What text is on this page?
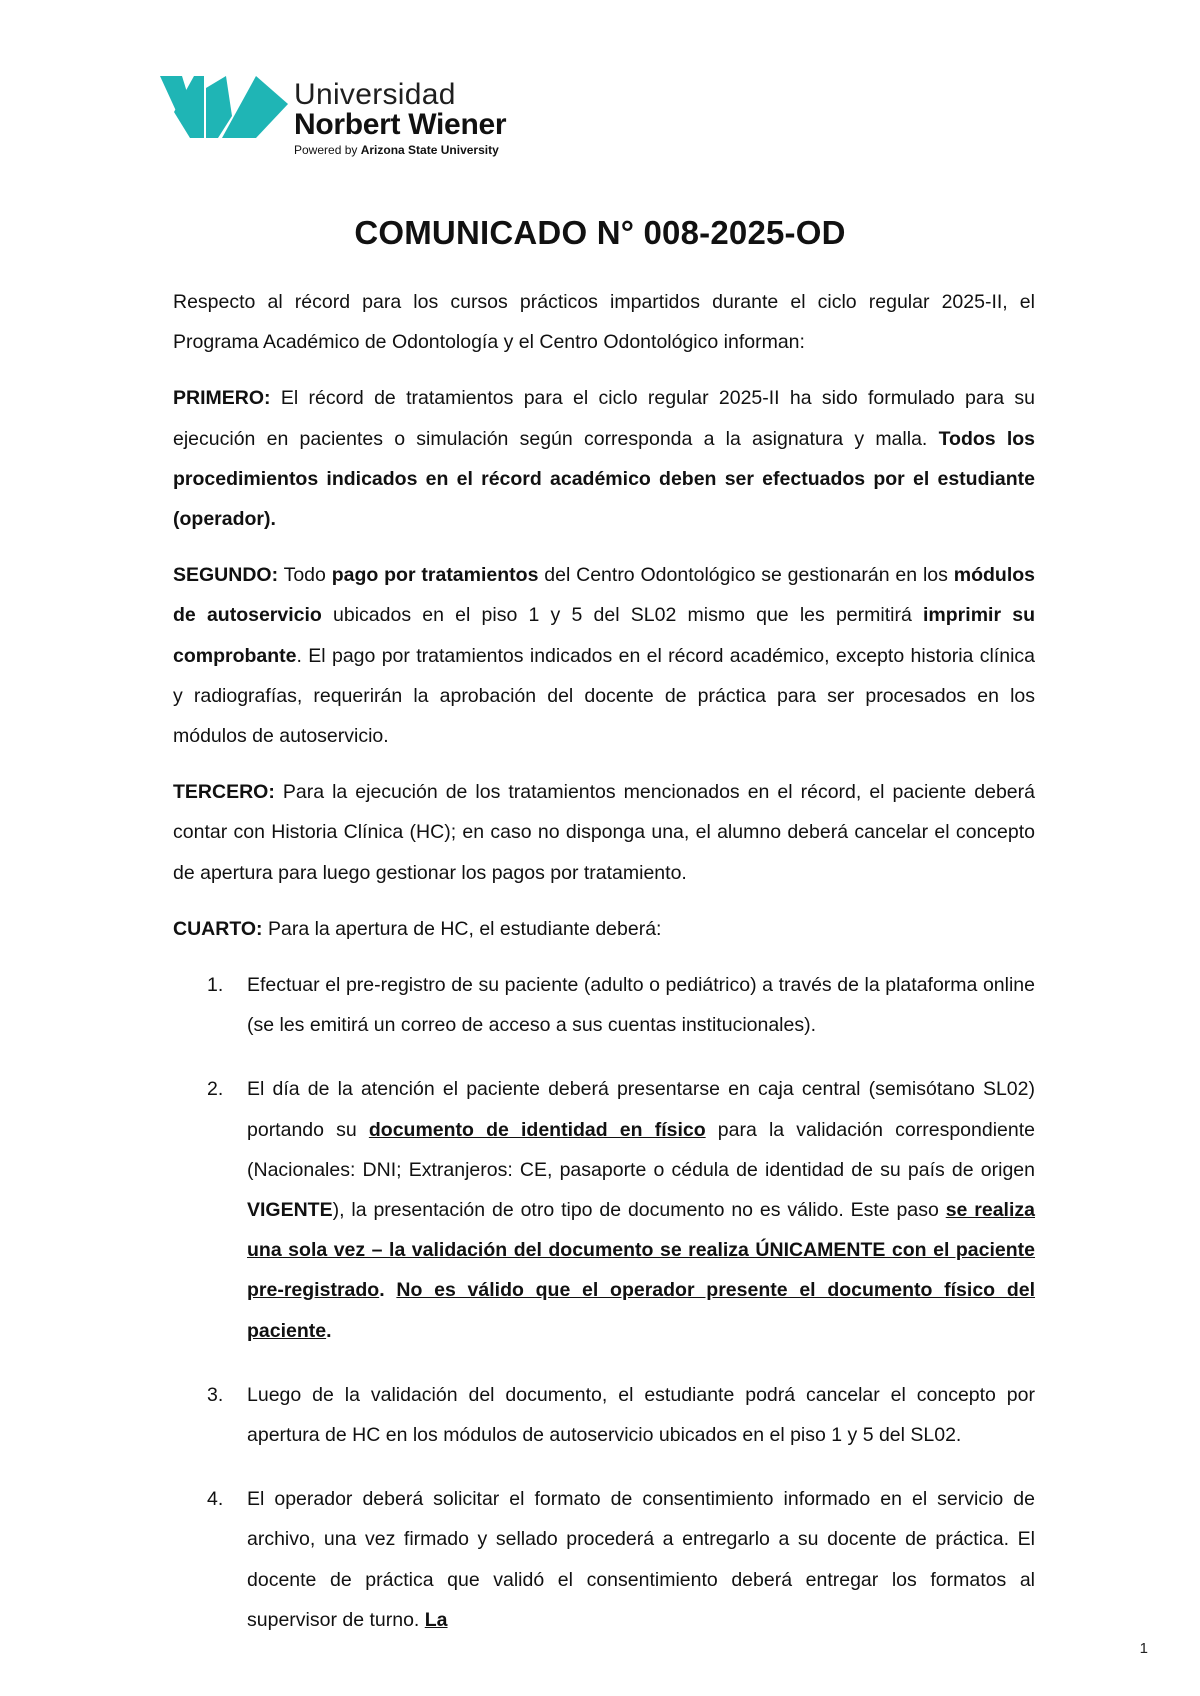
Universidad
Norbert Wiener
Powered by Arizona State University
COMUNICADO N° 008-2025-OD

Respecto al récord para los cursos prácticos impartidos durante el ciclo regular 2025-II, el Programa Académico de Odontología y el Centro Odontológico informan:

PRIMERO: El récord de tratamientos para el ciclo regular 2025-II ha sido formulado para su ejecución en pacientes o simulación según corresponda a la asignatura y malla. Todos los procedimientos indicados en el récord académico deben ser efectuados por el estudiante (operador).

SEGUNDO: Todo pago por tratamientos del Centro Odontológico se gestionarán en los módulos de autoservicio ubicados en el piso 1 y 5 del SL02 mismo que les permitirá imprimir su comprobante. El pago por tratamientos indicados en el récord académico, excepto historia clínica y radiografías, requerirán la aprobación del docente de práctica para ser procesados en los módulos de autoservicio.

TERCERO: Para la ejecución de los tratamientos mencionados en el récord, el paciente deberá contar con Historia Clínica (HC); en caso no disponga una, el alumno deberá cancelar el concepto de apertura para luego gestionar los pagos por tratamiento.

CUARTO: Para la apertura de HC, el estudiante deberá:

1. Efectuar el pre-registro de su paciente (adulto o pediátrico) a través de la plataforma online (se les emitirá un correo de acceso a sus cuentas institucionales).
2. El día de la atención el paciente deberá presentarse en caja central (semisótano SL02) portando su documento de identidad en físico para la validación correspondiente (Nacionales: DNI; Extranjeros: CE, pasaporte o cédula de identidad de su país de origen VIGENTE), la presentación de otro tipo de documento no es válido. Este paso se realiza una sola vez – la validación del documento se realiza ÚNICAMENTE con el paciente pre-registrado. No es válido que el operador presente el documento físico del paciente.
3. Luego de la validación del documento, el estudiante podrá cancelar el concepto por apertura de HC en los módulos de autoservicio ubicados en el piso 1 y 5 del SL02.
4. El operador deberá solicitar el formato de consentimiento informado en el servicio de archivo, una vez firmado y sellado procederá a entregarlo a su docente de práctica. El docente de práctica que validó el consentimiento deberá entregar los formatos al supervisor de turno. La
1
